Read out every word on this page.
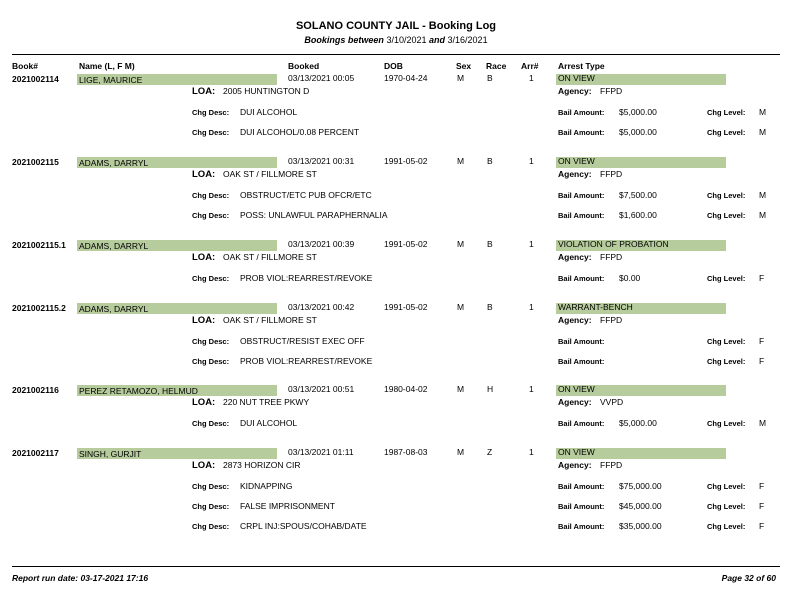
SOLANO COUNTY JAIL - Booking Log
Bookings between 3/10/2021 and 3/16/2021
Book#	Name (L, F M)	Booked	DOB	Sex Race Arr# Arrest Type
2021002114 LIGE, MAURICE	03/13/2021 00:05	1970-04-24	M	B	1	ON VIEW
LOA: 2005 HUNTINGTON D	Agency: FFPD
Chg Desc: DUI ALCOHOL	Bail Amount: $5,000.00	Chg Level: M
Chg Desc: DUI ALCOHOL/0.08 PERCENT	Bail Amount: $5,000.00	Chg Level: M
2021002115 ADAMS, DARRYL	03/13/2021 00:31	1991-05-02	M	B	1	ON VIEW
LOA: OAK ST / FILLMORE ST	Agency: FFPD
Chg Desc: OBSTRUCT/ETC PUB OFCR/ETC	Bail Amount: $7,500.00	Chg Level: M
Chg Desc: POSS: UNLAWFUL PARAPHERNALIA	Bail Amount: $1,600.00	Chg Level: M
2021002115.1 ADAMS, DARRYL	03/13/2021 00:39	1991-05-02	M	B	1	VIOLATION OF PROBATION
LOA: OAK ST / FILLMORE ST	Agency: FFPD
Chg Desc: PROB VIOL:REARREST/REVOKE	Bail Amount: $0.00	Chg Level: F
2021002115.2 ADAMS, DARRYL	03/13/2021 00:42	1991-05-02	M	B	1	WARRANT-BENCH
LOA: OAK ST / FILLMORE ST	Agency: FFPD
Chg Desc: OBSTRUCT/RESIST EXEC OFF	Bail Amount:	Chg Level: F
Chg Desc: PROB VIOL:REARREST/REVOKE	Bail Amount:	Chg Level: F
2021002116 PEREZ RETAMOZO, HELMUD	03/13/2021 00:51	1980-04-02	M	H	1	ON VIEW
LOA: 220 NUT TREE PKWY	Agency: VVPD
Chg Desc: DUI ALCOHOL	Bail Amount: $5,000.00	Chg Level: M
2021002117 SINGH, GURJIT	03/13/2021 01:11	1987-08-03	M	Z	1	ON VIEW
LOA: 2873 HORIZON CIR	Agency: FFPD
Chg Desc: KIDNAPPING	Bail Amount: $75,000.00	Chg Level: F
Chg Desc: FALSE IMPRISONMENT	Bail Amount: $45,000.00	Chg Level: F
Chg Desc: CRPL INJ:SPOUS/COHAB/DATE	Bail Amount: $35,000.00	Chg Level: F
Report run date: 03-17-2021 17:16	Page 32 of 60
